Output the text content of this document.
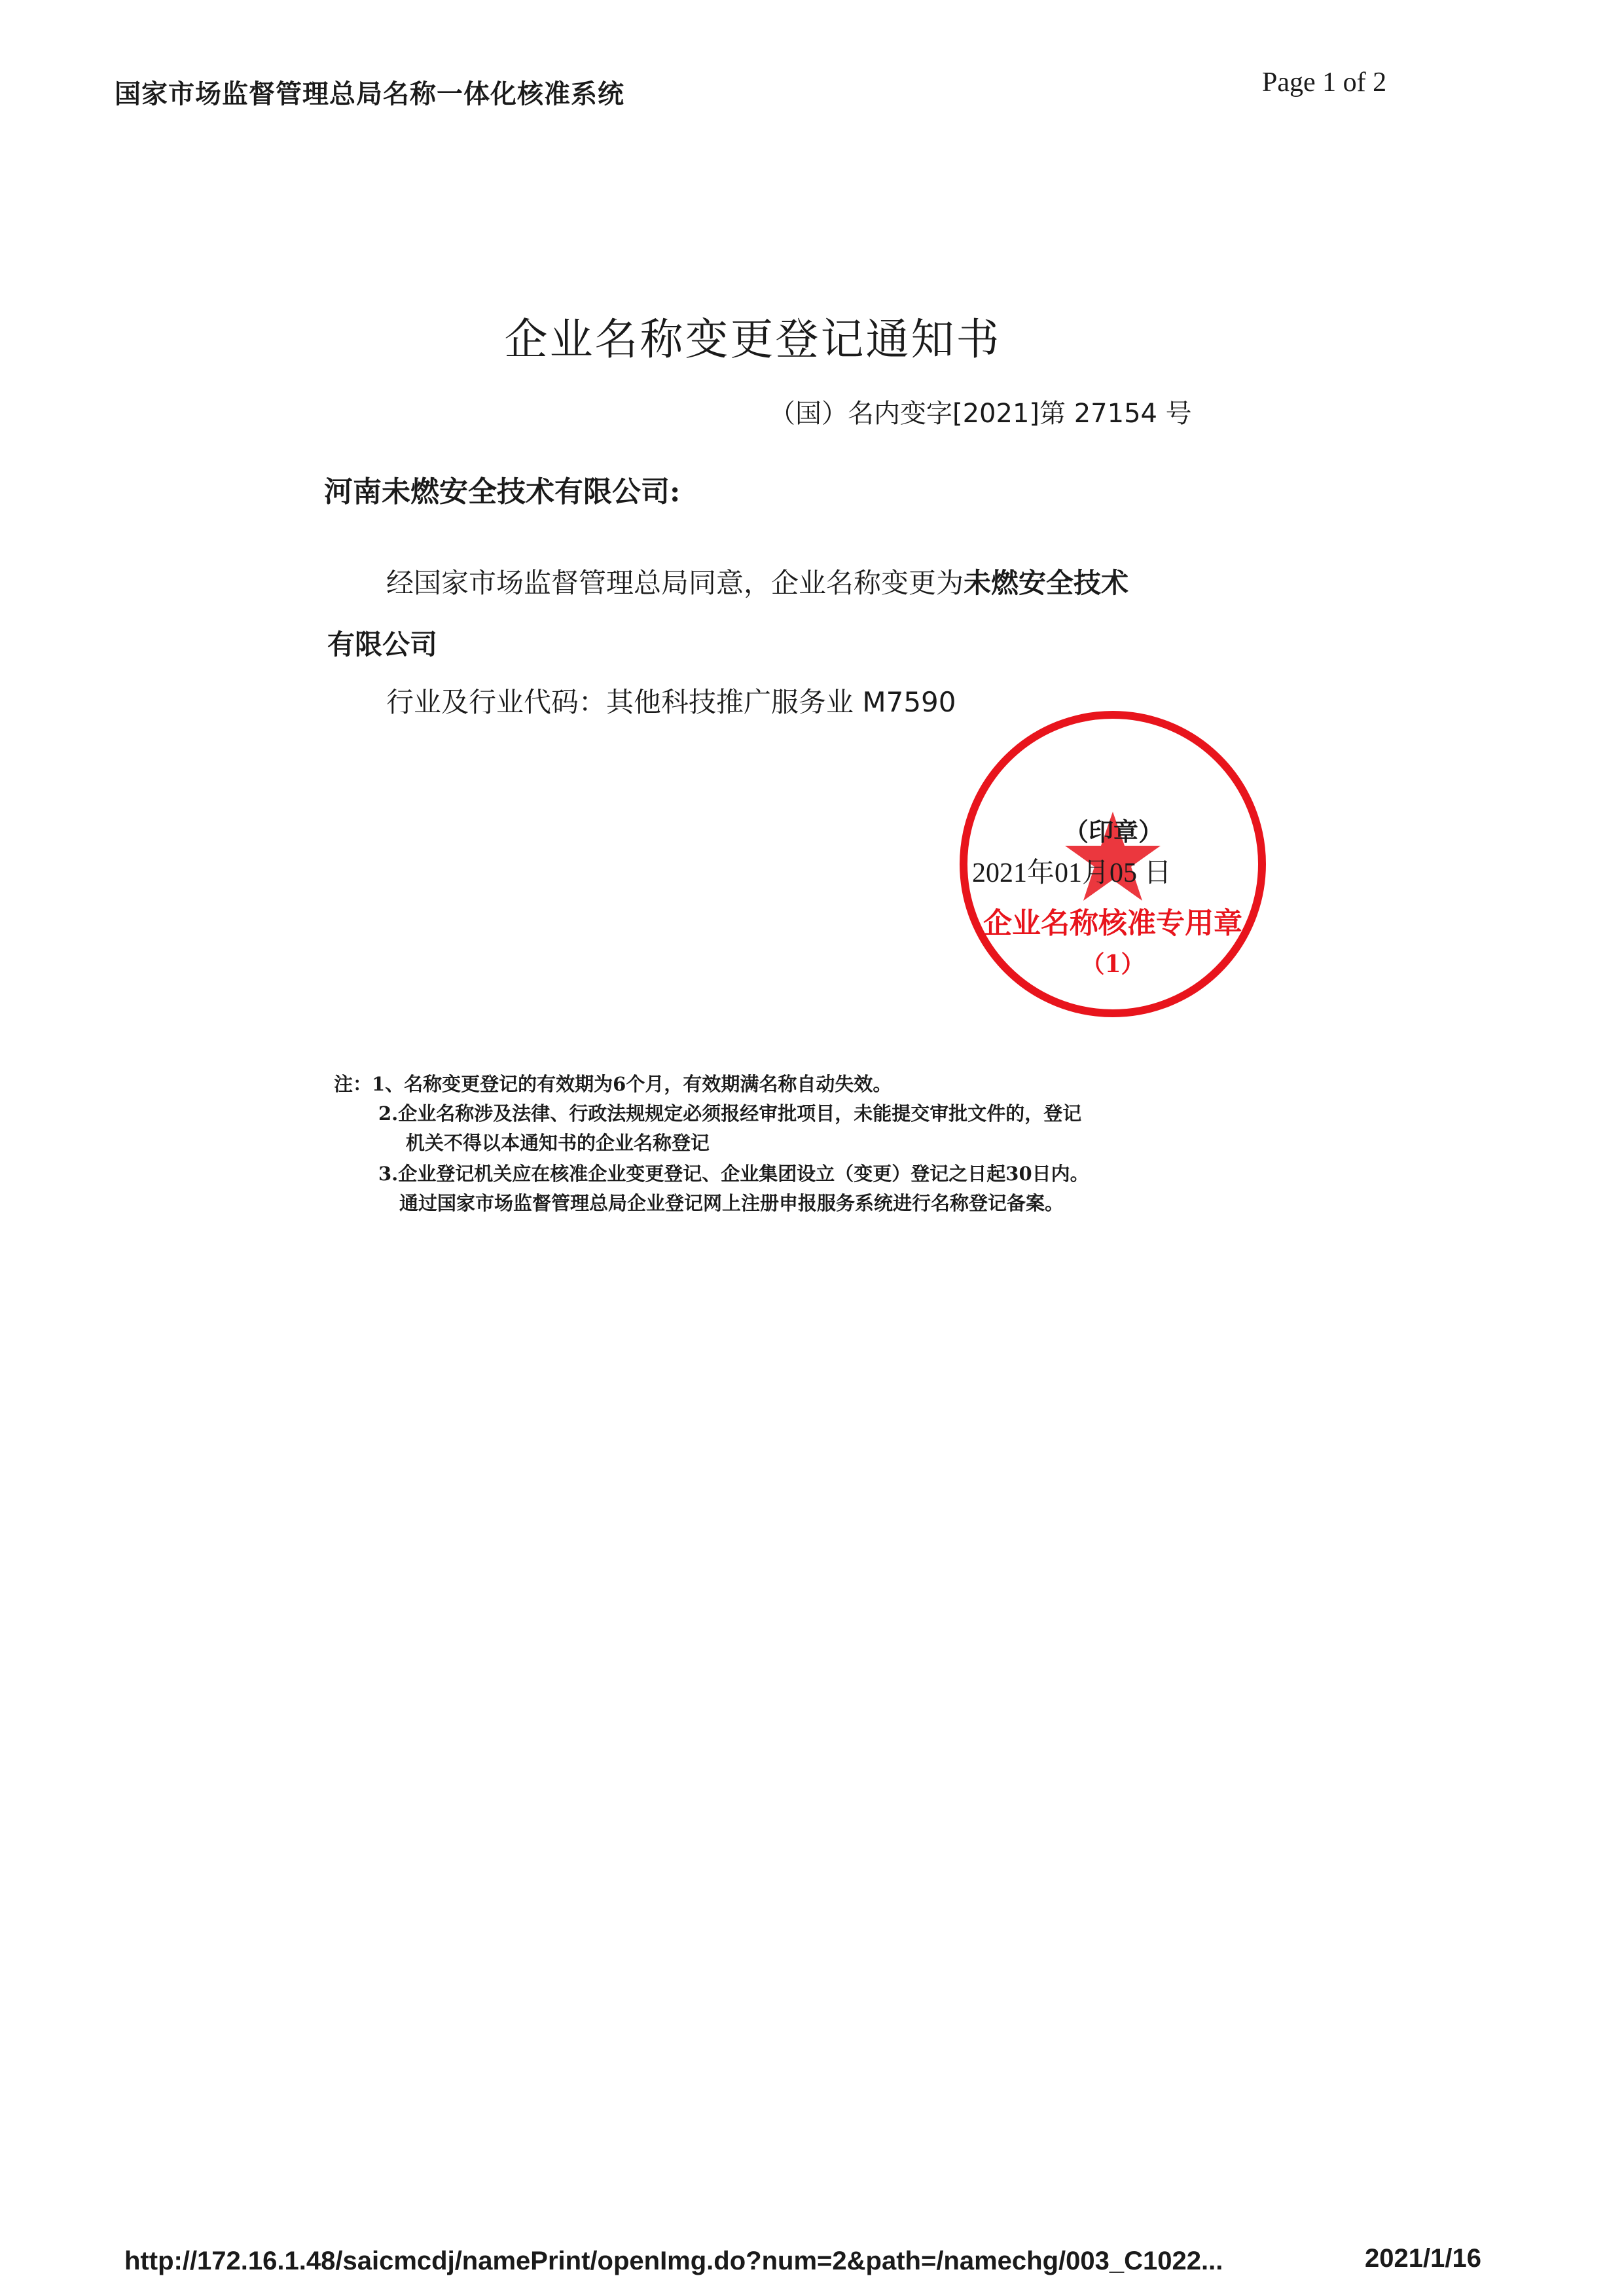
国家市场监督管理总局名称一体化核准系统	Page 1 of 2
企业名称变更登记通知书
（国）名内变字[2021]第 27154 号
河南未燃安全技术有限公司:
经国家市场监督管理总局同意，企业名称变更为未燃安全技术
有限公司
行业及行业代码：其他科技推广服务业 M7590
企业名称核准专用章
（1）
（印章）
2021年01月05 日
注：1、名称变更登记的有效期为6个月，有效期满名称自动失效。
2.企业名称涉及法律、行政法规规定必须报经审批项目，未能提交审批文件的，登记
机关不得以本通知书的企业名称登记
3.企业登记机关应在核准企业变更登记、企业集团设立（变更）登记之日起30日内。
通过国家市场监督管理总局企业登记网上注册申报服务系统进行名称登记备案。
http://172.16.1.48/saicmcdj/namePrint/openImg.do?num=2&path=/namechg/003_C1022...	2021/1/16
